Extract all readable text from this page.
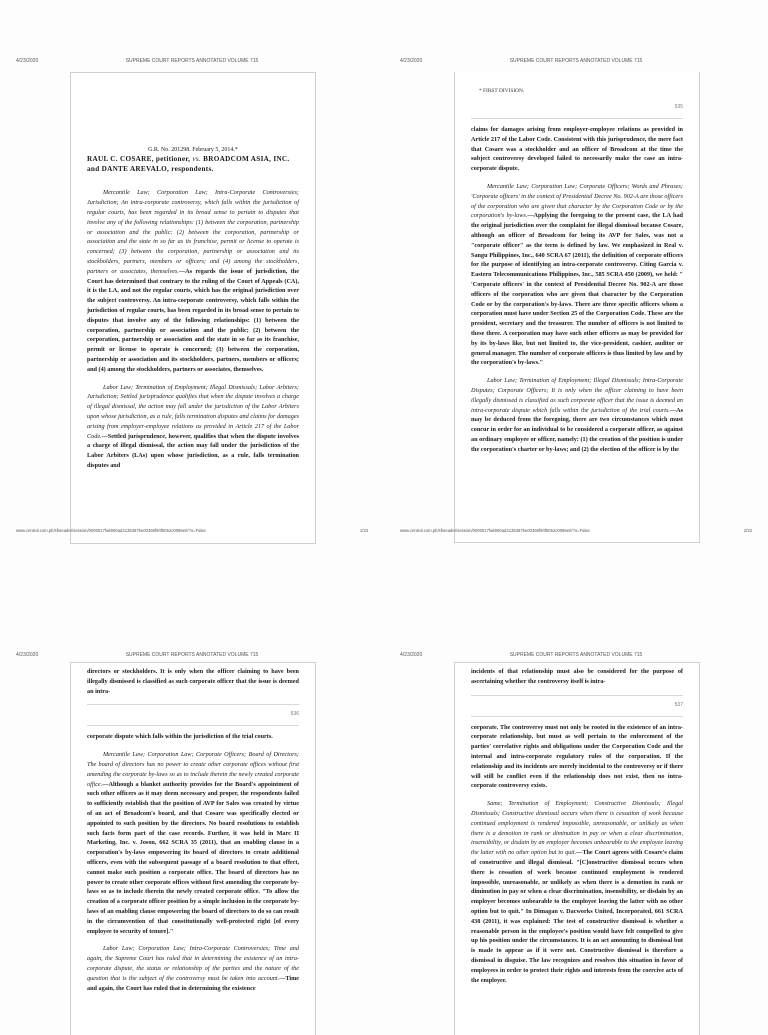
4/23/2020	SUPREME COURT REPORTS ANNOTATED VOLUME 715
G.R. No. 201298. February 5, 2014.*
RAUL C. COSARE, petitioner, vs. BROADCOM ASIA, INC. and DANTE AREVALO, respondents.

Mercantile Law; Corporation Law; Intra-Corporate Controversies; Jurisdiction; An intra-corporate controversy, which falls within the jurisdiction of regular courts, has been regarded in its broad sense to pertain to disputes that involve any of the following relationships: (1) between the corporation, partnership or association and the public; (2) between the corporation, partnership or association and the state in so far as its franchise, permit or license to operate is concerned; (3) between the corporation, partnership or association and its stockholders, partners, members or officers; and (4) among the stockholders, partners or associates, themselves.—As regards the issue of jurisdiction, the Court has determined that contrary to the ruling of the Court of Appeals (CA), it is the LA, and not the regular courts, which has the original jurisdiction over the subject controversy. An intra-corporate controversy, which falls within the jurisdiction of regular courts, has been regarded in its broad sense to pertain to disputes that involve any of the following relationships: (1) between the corporation, partnership or association and the public; (2) between the corporation, partnership or association and the state in so far as its franchise, permit or license to operate is concerned; (3) between the corporation, partnership or association and its stockholders, partners, members or officers; and (4) among the stockholders, partners or associates, themselves.

Labor Law; Termination of Employment; Illegal Dismissals; Labor Arbiters; Jurisdiction; Settled jurisprudence qualifies that when the dispute involves a charge of illegal dismissal, the action may fall under the jurisdiction of the Labor Arbiters upon whose jurisdiction, as a rule, falls termination disputes and claims for damages arising from employer-employee relations as provided in Article 217 of the Labor Code.—Settled jurisprudence, however, qualifies that when the dispute involves a charge of illegal dismissal, the action may fall under the jurisdiction of the Labor Arbiters (LAs) upon whose jurisdiction, as a rule, falls termination disputes and

www.central.com.ph/sfsreader/session/0000017fa6060ad4135467be00368f60f5052c0096e/t/?o=False	1/23
4/23/2020	SUPREME COURT REPORTS ANNOTATED VOLUME 715
* FIRST DIVISION.
535

claims for damages arising from employer-employee relations as provided in Article 217 of the Labor Code. Consistent with this jurisprudence, the mere fact that Cosare was a stockholder and an officer of Broadcom at the time the subject controversy developed failed to necessarily make the case an intra-corporate dispute.

Mercantile Law; Corporation Law; Corporate Officers; Words and Phrases; 'Corporate officers' in the context of Presidential Decree No. 902-A are those officers of the corporation who are given that character by the Corporation Code or by the corporation's by-laws.—Applying the foregoing to the present case, the LA had the original jurisdiction over the complaint for illegal dismissal because Cosare, although an officer of Broadcom for being its AVP for Sales, was not a "corporate officer" as the term is defined by law. We emphasized in Real v. Sangu Philippines, Inc., 640 SCRA 67 (2011), the definition of corporate officers for the purpose of identifying an intra-corporate controversy. Citing Garcia v. Eastern Telecommunications Philippines, Inc., 585 SCRA 450 (2009), we held: " 'Corporate officers' in the context of Presidential Decree No. 902-A are those officers of the corporation who are given that character by the Corporation Code or by the corporation's by-laws. There are three specific officers whom a corporation must have under Section 25 of the Corporation Code. These are the president, secretary and the treasurer. The number of officers is not limited to these three. A corporation may have such other officers as may be provided for by its by-laws like, but not limited to, the vice-president, cashier, auditor or general manager. The number of corporate officers is thus limited by law and by the corporation's by-laws."

Labor Law; Termination of Employment; Illegal Dismissals; Intra-Corporate Disputes; Corporate Officers; It is only when the officer claiming to have been illegally dismissed is classified as such corporate officer that the issue is deemed an intra-corporate dispute which falls within the jurisdiction of the trial courts.—As may be deduced from the foregoing, there are two circumstances which must concur in order for an individual to be considered a corporate officer, as against an ordinary employee or officer, namely: (1) the creation of the position is under the corporation's charter or by-laws; and (2) the election of the officer is by the

www.central.com.ph/sfsreader/session/0000017fa6060ad4135467be00368f60f5052c0096e/t/?o=False	2/23
4/23/2020	SUPREME COURT REPORTS ANNOTATED VOLUME 715

directors or stockholders. It is only when the officer claiming to have been illegally dismissed is classified as such corporate officer that the issue is deemed an intra-

536

corporate dispute which falls within the jurisdiction of the trial courts.

Mercantile Law; Corporation Law; Corporate Officers; Board of Directors; The board of directors has no power to create other corporate offices without first amending the corporate by-laws so as to include therein the newly created corporate office.—Although a blanket authority provides for the Board's appointment of such other officers as it may deem necessary and proper, the respondents failed to sufficiently establish that the position of AVP for Sales was created by virtue of an act of Broadcom's board, and that Cosare was specifically elected or appointed to such position by the directors. No board resolutions to establish such facts form part of the case records. Further, it was held in Marc II Marketing, Inc. v. Joson, 662 SCRA 35 (2011), that an enabling clause in a corporation's by-laws empowering its board of directors to create additional officers, even with the subsequent passage of a board resolution to that effect, cannot make such position a corporate office. The board of directors has no power to create other corporate offices without first amending the corporate by-laws so as to include therein the newly created corporate office. "To allow the creation of a corporate officer position by a simple inclusion in the corporate by-laws of an enabling clause empowering the board of directors to do so can result in the circumvention of that constitutionally well-protected right [of every employee to security of tenure]."

Labor Law; Corporation Law; Intra-Corporate Controversies; Time and again, the Supreme Court has ruled that in determining the existence of an intra-corporate dispute, the status or relationship of the parties and the nature of the question that is the subject of the controversy must be taken into account.—Time and again, the Court has ruled that in determining the existence

4/23/2020	SUPREME COURT REPORTS ANNOTATED VOLUME 715

incidents of that relationship must also be considered for the purpose of ascertaining whether the controversy itself is intra-

537

corporate. The controversy must not only be rooted in the existence of an intra-corporate relationship, but must as well pertain to the enforcement of the parties' correlative rights and obligations under the Corporation Code and the internal and intra-corporate regulatory rules of the corporation. If the relationship and its incidents are merely incidental to the controversy or if there will still be conflict even if the relationship does not exist, then no intra-corporate controversy exists.

Same; Termination of Employment; Constructive Dismissals; Illegal Dismissals; Constructive dismissal occurs when there is cessation of work because continued employment is rendered impossible, unreasonable, or unlikely as when there is a demotion in rank or diminution in pay or when a clear discrimination, insensibility, or disdain by an employer becomes unbearable to the employee leaving the latter with no other option but to quit.—The Court agrees with Cosare's claim of constructive and illegal dismissal. "[C]onstructive dismissal occurs when there is cessation of work because continued employment is rendered impossible, unreasonable, or unlikely as when there is a demotion in rank or diminution in pay or when a clear discrimination, insensibility, or disdain by an employer becomes unbearable to the employee leaving the latter with no other option but to quit." In Dimagan v. Dacworks United, Incorporated, 661 SCRA 438 (2011), it was explained: The test of constructive dismissal is whether a reasonable person in the employee's position would have felt compelled to give up his position under the circumstances. It is an act amounting to dismissal but is made to appear as if it were not. Constructive dismissal is therefore a dismissal in disguise. The law recognizes and resolves this situation in favor of employees in order to protect their rights and interests from the coercive acts of the employer.
